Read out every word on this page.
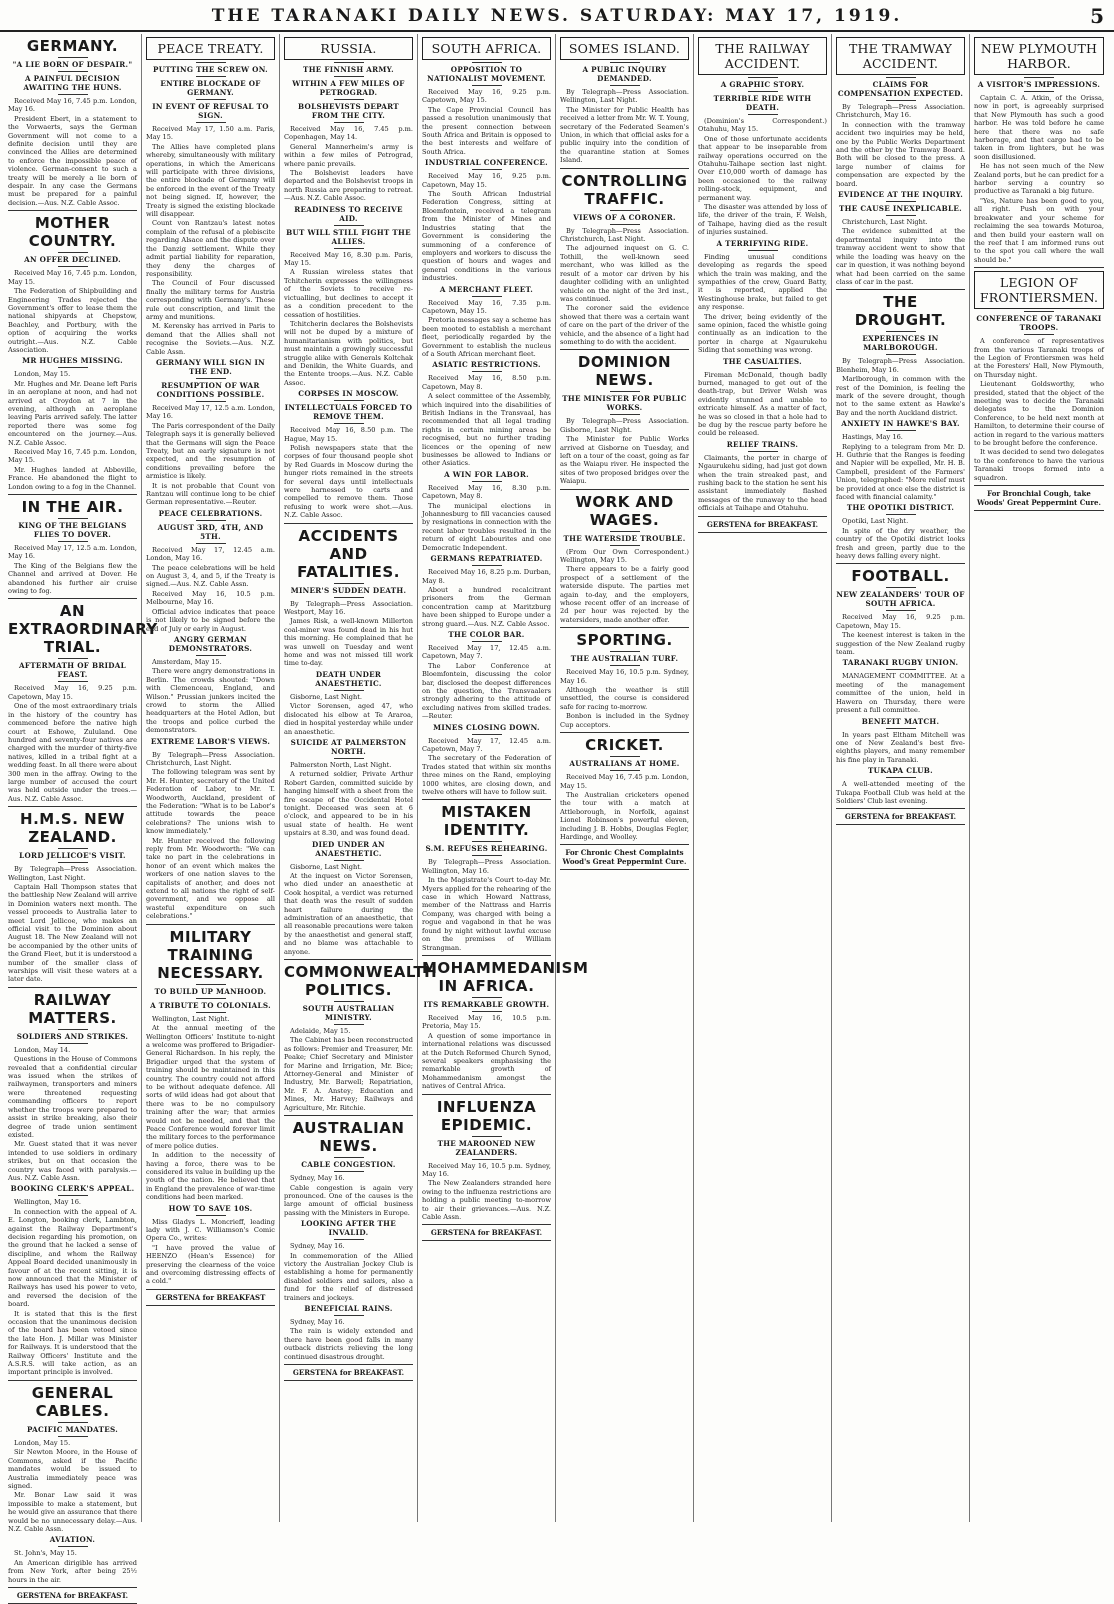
THE TARANAKI DAILY NEWS. SATURDAY: MAY 17, 1919.	5
GERMANY.
"A LIE BORN OF DESPAIR."
A PAINFUL DECISION AWAITING THE HUNS.

Received May 16, 7.45 p.m. London, May 16.

President Ebert, in a statement to the Vorwaerts, says the German Government will not come to a definite decision until they are convinced the Allies are determined to enforce the impossible peace of violence. German-consent to such a treaty will be merely a lie born of despair. In any case the Germans must be prepared for a painful decision.—Aus. N.Z. Cable Assoc.

MOTHER COUNTRY.
AN OFFER DECLINED.

Received May 16, 7.45 p.m. London, May 15.

The Federation of Shipbuilding and Engineering Trades rejected the Government's offer to lease them the national shipyards at Chepstow, Beachley, and Portbury, with the option of acquiring the works outright.—Aus. N.Z. Cable Association.

MR HUGHES MISSING.

London, May 15.

Mr. Hughes and Mr. Deane left Paris in an aeroplane at noon, and had not arrived at Croydon at 7 in the evening, although an aeroplane leaving Paris arrived safely. The latter reported there was some fog encountered on the journey.—Aus. N.Z. Cable Assoc.

Received May 16, 7.45 p.m. London, May 15.

Mr. Hughes landed at Abbeville, France. He abandoned the flight to London owing to a fog in the Channel.

IN THE AIR.
KING OF THE BELGIANS FLIES TO DOVER.

Received May 17, 12.5 a.m. London, May 16.

The King of the Belgians flew the Channel and arrived at Dover. He abandoned his further air cruise owing to fog.

AN EXTRAORDINARY TRIAL.
AFTERMATH OF BRIDAL FEAST.

Received May 16, 9.25 p.m. Capetown, May 15.

One of the most extraordinary trials in the history of the country has commenced before the native high court at Eshowe, Zululand. One hundred and seventy-four natives are charged with the murder of thirty-five natives, killed in a tribal fight at a wedding feast. In all there were about 300 men in the affray. Owing to the large number of accused the court was held outside under the trees.—Aus. N.Z. Cable Assoc.

H.M.S. NEW ZEALAND.
LORD JELLICOE'S VISIT.

By Telegraph—Press Association. Wellington, Last Night.

Captain Hall Thompson states that the battleship New Zealand will arrive in Dominion waters next month. The vessel proceeds to Australia later to meet Lord Jellicoe, who makes an official visit to the Dominion about August 18. The New Zealand will not be accompanied by the other units of the Grand Fleet, but it is understood a number of the smaller class of warships will visit these waters at a later date.

RAILWAY MATTERS.
SOLDIERS AND STRIKES.

London, May 14.

Questions in the House of Commons revealed that a confidential circular was issued when the strikes of railwaymen, transporters and miners were threatened requesting commanding officers to report whether the troops were prepared to assist in strike breaking, also their degree of trade union sentiment existed.

Mr. Guest stated that it was never intended to use soldiers in ordinary strikes, but on that occasion the country was faced with paralysis.—Aus. N.Z. Cable Assn.

BOOKING CLERK'S APPEAL.

Wellington, May 16.

In connection with the appeal of A. E. Longton, booking clerk, Lambton, against the Railway Department's decision regarding his promotion, on the ground that he lacked a sense of discipline, and whom the Railway Appeal Board decided unanimously in favour of at the recent sitting, it is now announced that the Minister of Railways has used his power to veto, and reversed the decision of the board.

It is stated that this is the first occasion that the unanimous decision of the board has been vetoed since the late Hon. J. Millar was Minister for Railways. It is understood that the Railway Officers' Institute and the A.S.R.S. will take action, as an important principle is involved.

GENERAL CABLES.
PACIFIC MANDATES.

London, May 15.

Sir Newton Moore, in the House of Commons, asked if the Pacific mandates would be issued to Australia immediately peace was signed.

Mr. Bonar Law said it was impossible to make a statement, but he would give an assurance that there would be no unnecessary delay.—Aus. N.Z. Cable Assn.

AVIATION.

St. John's, May 15.

An American dirigible has arrived from New York, after being 25½ hours in the air.

GERSTENA for BREAKFAST.
PEACE TREATY.
PUTTING THE SCREW ON.
ENTIRE BLOCKADE OF GERMANY.
IN EVENT OF REFUSAL TO SIGN.

Received May 17, 1.50 a.m. Paris, May 15.

The Allies have completed plans whereby, simultaneously with military operations, in which the Americans will participate with three divisions, the entire blockade of Germany will be enforced in the event of the Treaty not being signed. If, however, the Treaty is signed the existing blockade will disappear.

Count von Rantzau's latest notes complain of the refusal of a plebiscite regarding Alsace and the dispute over the Danzig settlement. While they admit partial liability for reparation, they deny the charges of responsibility.

The Council of Four discussed finally the military terms for Austria corresponding with Germany's. These rule out conscription, and limit the army and munitions.

M. Kerensky has arrived in Paris to demand that the Allies shall not recognise the Soviets.—Aus. N.Z. Cable Assn.

GERMANY WILL SIGN IN THE END.
RESUMPTION OF WAR CONDITIONS POSSIBLE.

Received May 17, 12.5 a.m. London, May 16.

The Paris correspondent of the Daily Telegraph says it is generally believed that the Germans will sign the Peace Treaty, but an early signature is not expected, and the resumption of conditions prevailing before the armistice is likely.

It is not probable that Count von Rantzau will continue long to be chief German representative.—Reuter.

PEACE CELEBRATIONS.
AUGUST 3RD, 4TH, AND 5TH.

Received May 17, 12.45 a.m. London, May 16.

The peace celebrations will be held on August 3, 4, and 5, if the Treaty is signed.—Aus. N.Z. Cable Assn.

Received May 16, 10.5 p.m. Melbourne, May 16.

Official advice indicates that peace is not likely to be signed before the end of July or early in August.

ANGRY GERMAN DEMONSTRATORS.

Amsterdam, May 15.

There were angry demonstrations in Berlin. The crowds shouted: "Down with Clemenceau, England, and Wilson." Prussian junkers incited the crowd to storm the Allied headquarters at the Hotel Adlon, but the troops and police curbed the demonstrators.

EXTREME LABOR'S VIEWS.

By Telegraph—Press Association. Christchurch, Last Night.

The following telegram was sent by Mr. H. Hunter, secretary of the United Federation of Labor, to Mr. T. Woodworth, Auckland, president of the Federation: "What is to be Labor's attitude towards the peace celebrations? The unions wish to know immediately."

Mr. Hunter received the following reply from Mr. Woodworth: "We can take no part in the celebrations in honor of an event which makes the workers of one nation slaves to the capitalists of another, and does not extend to all nations the right of self-government, and we oppose all wasteful expenditure on such celebrations."

MILITARY TRAINING NECESSARY.
TO BUILD UP MANHOOD.
A TRIBUTE TO COLONIALS.

Wellington, Last Night.

At the annual meeting of the Wellington Officers' Institute to-night a welcome was proffered to Brigadier-General Richardson. In his reply, the Brigadier urged that the system of training should be maintained in this country. The country could not afford to be without adequate defence. All sorts of wild ideas had got about that there was to be no compulsory training after the war; that armies would not be needed, and that the Peace Conference would forever limit the military forces to the performance of mere police duties.

In addition to the necessity of having a force, there was to be considered its value in building up the youth of the nation. He believed that in England the prevalence of war-time conditions had been marked.

HOW TO SAVE 10S.

Miss Gladys L. Moncrieff, leading lady with J. C. Williamson's Comic Opera Co., writes:

"I have proved the value of HEENZO (Hean's Essence) for preserving the clearness of the voice and overcoming distressing effects of a cold."

GERSTENA for BREAKFAST
RUSSIA.
THE FINNISH ARMY.
WITHIN A FEW MILES OF PETROGRAD.
BOLSHEVISTS DEPART FROM THE CITY.

Received May 16, 7.45 p.m. Copenhagen, May 14.

General Mannerheim's army is within a few miles of Petrograd, where panic prevails.

The Bolshevist leaders have departed and the Bolshevist troops in north Russia are preparing to retreat.—Aus. N.Z. Cable Assoc.

READINESS TO RECEIVE AID.
BUT WILL STILL FIGHT THE ALLIES.

Received May 16, 8.30 p.m. Paris, May 15.

A Russian wireless states that Tchitcherin expresses the willingness of the Soviets to receive re-victualling, but declines to accept it as a condition precedent to the cessation of hostilities.

Tchitcherin declares the Bolshevists will not be duped by a mixture of humanitarianism with politics, but must maintain a growingly successful struggle alike with Generals Koltchak and Denikin, the White Guards, and the Entente troops.—Aus. N.Z. Cable Assoc.

CORPSES IN MOSCOW.
INTELLECTUALS FORCED TO REMOVE THEM.

Received May 16, 8.50 p.m. The Hague, May 15.

Polish newspapers state that the corpses of four thousand people shot by Red Guards in Moscow during the hunger riots remained in the streets for several days until intellectuals were harnessed to carts and compelled to remove them. Those refusing to work were shot.—Aus. N.Z. Cable Assoc.

ACCIDENTS AND FATALITIES.
MINER'S SUDDEN DEATH.

By Telegraph—Press Association. Westport, May 16.

James Risk, a well-known Millerton coal-miner was found dead in his hut this morning. He complained that he was unwell on Tuesday and went home and was not missed till work time to-day.

DEATH UNDER ANAESTHETIC.

Gisborne, Last Night.

Victor Sorensen, aged 47, who dislocated his elbow at Te Araroa, died in hospital yesterday while under an anaesthetic.

SUICIDE AT PALMERSTON NORTH.

Palmerston North, Last Night.

A returned soldier, Private Arthur Robert Garden, committed suicide by hanging himself with a sheet from the fire escape of the Occidental Hotel tonight. Deceased was seen at 6 o'clock, and appeared to be in his usual state of health. He went upstairs at 8.30, and was found dead.

DIED UNDER AN ANAESTHETIC.

Gisborne, Last Night.

At the inquest on Victor Sorensen, who died under an anaesthetic at Cook hospital, a verdict was returned that death was the result of sudden heart failure during the administration of an anaesthetic, that all reasonable precautions were taken by the anaesthetist and general staff, and no blame was attachable to anyone.

COMMONWEALTH POLITICS.
SOUTH AUSTRALIAN MINISTRY.

Adelaide, May 15.

The Cabinet has been reconstructed as follows: Premier and Treasurer, Mr. Peake; Chief Secretary and Minister for Marine and Irrigation, Mr. Bice; Attorney-General and Minister of Industry, Mr. Barwell; Repatriation, Mr. F. A. Anstey; Education and Mines, Mr. Harvey; Railways and Agriculture, Mr. Ritchie.

AUSTRALIAN NEWS.
CABLE CONGESTION.

Sydney, May 16.

Cable congestion is again very pronounced. One of the causes is the large amount of official business passing with the Ministers in Europe.

LOOKING AFTER THE INVALID.

Sydney, May 16.

In commemoration of the Allied victory the Australian Jockey Club is establishing a home for permanently disabled soldiers and sailors, also a fund for the relief of distressed trainers and jockeys.

BENEFICIAL RAINS.

Sydney, May 16.

The rain is widely extended and there have been good falls in many outback districts relieving the long continued disastrous drought.

GERSTENA for BREAKFAST.
SOUTH AFRICA.
OPPOSITION TO NATIONALIST MOVEMENT.

Received May 16, 9.25 p.m. Capetown, May 15.

The Cape Provincial Council has passed a resolution unanimously that the present connection between South Africa and Britain is opposed to the best interests and welfare of South Africa.

INDUSTRIAL CONFERENCE.

Received May 16, 9.25 p.m. Capetown, May 15.

The South African Industrial Federation Congress, sitting at Bloemfontein, received a telegram from the Minister of Mines and Industries stating that the Government is considering the summoning of a conference of employers and workers to discuss the question of hours and wages and general conditions in the various industries.

A MERCHANT FLEET.

Received May 16, 7.35 p.m. Capetown, May 15.

Pretoria messages say a scheme has been mooted to establish a merchant fleet, periodically regarded by the Government to establish the nucleus of a South African merchant fleet.

ASIATIC RESTRICTIONS.

Received May 16, 8.50 p.m. Capetown, May 8.

A select committee of the Assembly, which inquired into the disabilities of British Indians in the Transvaal, has recommended that all legal trading rights in certain mining areas be recognised, but no further trading licences or the opening of new businesses be allowed to Indians or other Asiatics.

A WIN FOR LABOR.

Received May 16, 8.30 p.m. Capetown, May 8.

The municipal elections in Johannesburg to fill vacancies caused by resignations in connection with the recent labor troubles resulted in the return of eight Labourites and one Democratic Independent.

GERMANS REPATRIATED.

Received May 16, 8.25 p.m. Durban, May 8.

About a hundred recalcitrant prisoners from the German concentration camp at Maritzburg have been shipped to Europe under a strong guard.—Aus. N.Z. Cable Assoc.

THE COLOR BAR.

Received May 17, 12.45 a.m. Capetown, May 7.

The Labor Conference at Bloemfontein, discussing the color bar, disclosed the deepest differences on the question, the Transvaalers strongly adhering to the attitude of excluding natives from skilled trades.—Reuter.

MINES CLOSING DOWN.

Received May 17, 12.45 a.m. Capetown, May 7.

The secretary of the Federation of Trades stated that within six months three mines on the Rand, employing 1000 whites, are closing down, and twelve others will have to follow suit.

MISTAKEN IDENTITY.
S.M. REFUSES REHEARING.

By Telegraph—Press Association. Wellington, May 16.

In the Magistrate's Court to-day Mr. Myers applied for the rehearing of the case in which Howard Nattrass, member of the Nattrass and Harris Company, was charged with being a rogue and vagabond in that he was found by night without lawful excuse on the premises of William Strangman.

MOHAMMEDANISM IN AFRICA.
ITS REMARKABLE GROWTH.

Received May 16, 10.5 p.m. Pretoria, May 15.

A question of some importance in international relations was discussed at the Dutch Reformed Church Synod, several speakers emphasising the remarkable growth of Mohammedanism amongst the natives of Central Africa.

INFLUENZA EPIDEMIC.
THE MAROONED NEW ZEALANDERS.

Received May 16, 10.5 p.m. Sydney, May 16.

The New Zealanders stranded here owing to the influenza restrictions are holding a public meeting to-morrow to air their grievances.—Aus. N.Z. Cable Assn.

GERSTENA for BREAKFAST.
SOMES ISLAND.
A PUBLIC INQUIRY DEMANDED.

By Telegraph—Press Association. Wellington, Last Night.

The Minister for Public Health has received a letter from Mr. W. T. Young, secretary of the Federated Seamen's Union, in which that official asks for a public inquiry into the condition of the quarantine station at Somes Island.

CONTROLLING TRAFFIC.
VIEWS OF A CORONER.

By Telegraph—Press Association. Christchurch, Last Night.

The adjourned inquest on G. C. Tothill, the well-known seed merchant, who was killed as the result of a motor car driven by his daughter colliding with an unlighted vehicle on the night of the 3rd inst., was continued.

The coroner said the evidence showed that there was a certain want of care on the part of the driver of the vehicle, and the absence of a light had something to do with the accident.

DOMINION NEWS.
THE MINISTER FOR PUBLIC WORKS.

By Telegraph—Press Association. Gisborne, Last Night.

The Minister for Public Works arrived at Gisborne on Tuesday, and left on a tour of the coast, going as far as the Waiapu river. He inspected the sites of two proposed bridges over the Waiapu.

WORK AND WAGES.
THE WATERSIDE TROUBLE.

(From Our Own Correspondent.) Wellington, May 15.

There appears to be a fairly good prospect of a settlement of the waterside dispute. The parties met again to-day, and the employers, whose recent offer of an increase of 2d per hour was rejected by the watersiders, made another offer.

SPORTING.
THE AUSTRALIAN TURF.

Received May 16, 10.5 p.m. Sydney, May 16.

Although the weather is still unsettled, the course is considered safe for racing to-morrow.

Bonbon is included in the Sydney Cup acceptors.

CRICKET.
AUSTRALIANS AT HOME.

Received May 16, 7.45 p.m. London, May 15.

The Australian cricketers opened the tour with a match at Attleborough, in Norfolk, against Lionel Robinson's powerful eleven, including J. B. Hobbs, Douglas Fegler, Hardinge, and Woolley.

For Chronic Chest Complaints Wood's Great Peppermint Cure.
THE RAILWAY ACCIDENT.
A GRAPHIC STORY.
TERRIBLE RIDE WITH DEATH.

(Dominion's Correspondent.) Otahuhu, May 15.

One of those unfortunate accidents that appear to be inseparable from railway operations occurred on the Otahuhu-Taihape section last night. Over £10,000 worth of damage has been occasioned to the railway rolling-stock, equipment, and permanent way.

The disaster was attended by loss of life, the driver of the train, F. Welsh, of Taihape, having died as the result of injuries sustained.

A TERRIFYING RIDE.

Finding unusual conditions developing as regards the speed which the train was making, and the sympathies of the crew, Guard Batty, it is reported, applied the Westinghouse brake, but failed to get any response.

The driver, being evidently of the same opinion, faced the whistle going continually as an indication to the porter in charge at Ngaurukehu Siding that something was wrong.

THE CASUALTIES.

Fireman McDonald, though badly burned, managed to get out of the death-trap, but Driver Welsh was evidently stunned and unable to extricate himself. As a matter of fact, he was so closed in that a hole had to be dug by the rescue party before he could be released.

RELIEF TRAINS.

Claimants, the porter in charge of Ngaurukehu siding, had just got down when the train streaked past, and rushing back to the station he sent his assistant immediately flashed messages of the runaway to the head officials at Taihape and Otahuhu.

GERSTENA for BREAKFAST.
THE TRAMWAY ACCIDENT.
CLAIMS FOR COMPENSATION EXPECTED.

By Telegraph—Press Association. Christchurch, May 16.

In connection with the tramway accident two inquiries may be held, one by the Public Works Department and the other by the Tramway Board. Both will be closed to the press. A large number of claims for compensation are expected by the board.

EVIDENCE AT THE INQUIRY.
THE CAUSE INEXPLICABLE.

Christchurch, Last Night.

The evidence submitted at the departmental inquiry into the tramway accident went to show that while the loading was heavy on the car in question, it was nothing beyond what had been carried on the same class of car in the past.

THE DROUGHT.
EXPERIENCES IN MARLBOROUGH.

By Telegraph—Press Association. Blenheim, May 16.

Marlborough, in common with the rest of the Dominion, is feeling the mark of the severe drought, though not to the same extent as Hawke's Bay and the north Auckland district.

ANXIETY IN HAWKE'S BAY.

Hastings, May 16.

Replying to a telegram from Mr. D. H. Guthrie that the Ranges is feeding and Napier will be expelled, Mr. H. B. Campbell, president of the Farmers' Union, telegraphed: "More relief must be provided at once else the district is faced with financial calamity."

THE OPOTIKI DISTRICT.

Opotiki, Last Night.

In spite of the dry weather, the country of the Opotiki district looks fresh and green, partly due to the heavy dews falling every night.

FOOTBALL.
NEW ZEALANDERS' TOUR OF SOUTH AFRICA.

Received May 16, 9.25 p.m. Capetown, May 15.

The keenest interest is taken in the suggestion of the New Zealand rugby team.

TARANAKI RUGBY UNION.

MANAGEMENT COMMITTEE. At a meeting of the management committee of the union, held in Hawera on Thursday, there were present a full committee.

BENEFIT MATCH.

In years past Eltham Mitchell was one of New Zealand's best five-eighths players, and many remember his fine play in Taranaki.

TUKAPA CLUB.

A well-attended meeting of the Tukapa Football Club was held at the Soldiers' Club last evening.

GERSTENA for BREAKFAST.
NEW PLYMOUTH HARBOR.
A VISITOR'S IMPRESSIONS.

Captain C. A. Atkin, of the Orissa, now in port, is agreeably surprised that New Plymouth has such a good harbor. He was told before he came here that there was no safe harborage, and that cargo had to be taken in from lighters, but he was soon disillusioned.

He has not seen much of the New Zealand ports, but he can predict for a harbor serving a country so productive as Taranaki a big future.

"Yes, Nature has been good to you, all right. Push on with your breakwater and your scheme for reclaiming the sea towards Moturoa, and then build your eastern wall on the reef that I am informed runs out to the spot you call where the wall should be."

LEGION OF FRONTIERSMEN.
CONFERENCE OF TARANAKI TROOPS.

A conference of representatives from the various Taranaki troops of the Legion of Frontiersmen was held at the Foresters' Hall, New Plymouth, on Thursday night.

Lieutenant Goldsworthy, who presided, stated that the object of the meeting was to decide the Taranaki delegates to the Dominion Conference, to be held next month at Hamilton, to determine their course of action in regard to the various matters to be brought before the conference.

It was decided to send two delegates to the conference to have the various Taranaki troops formed into a squadron.

For Bronchial Cough, take Woods' Great Peppermint Cure.
